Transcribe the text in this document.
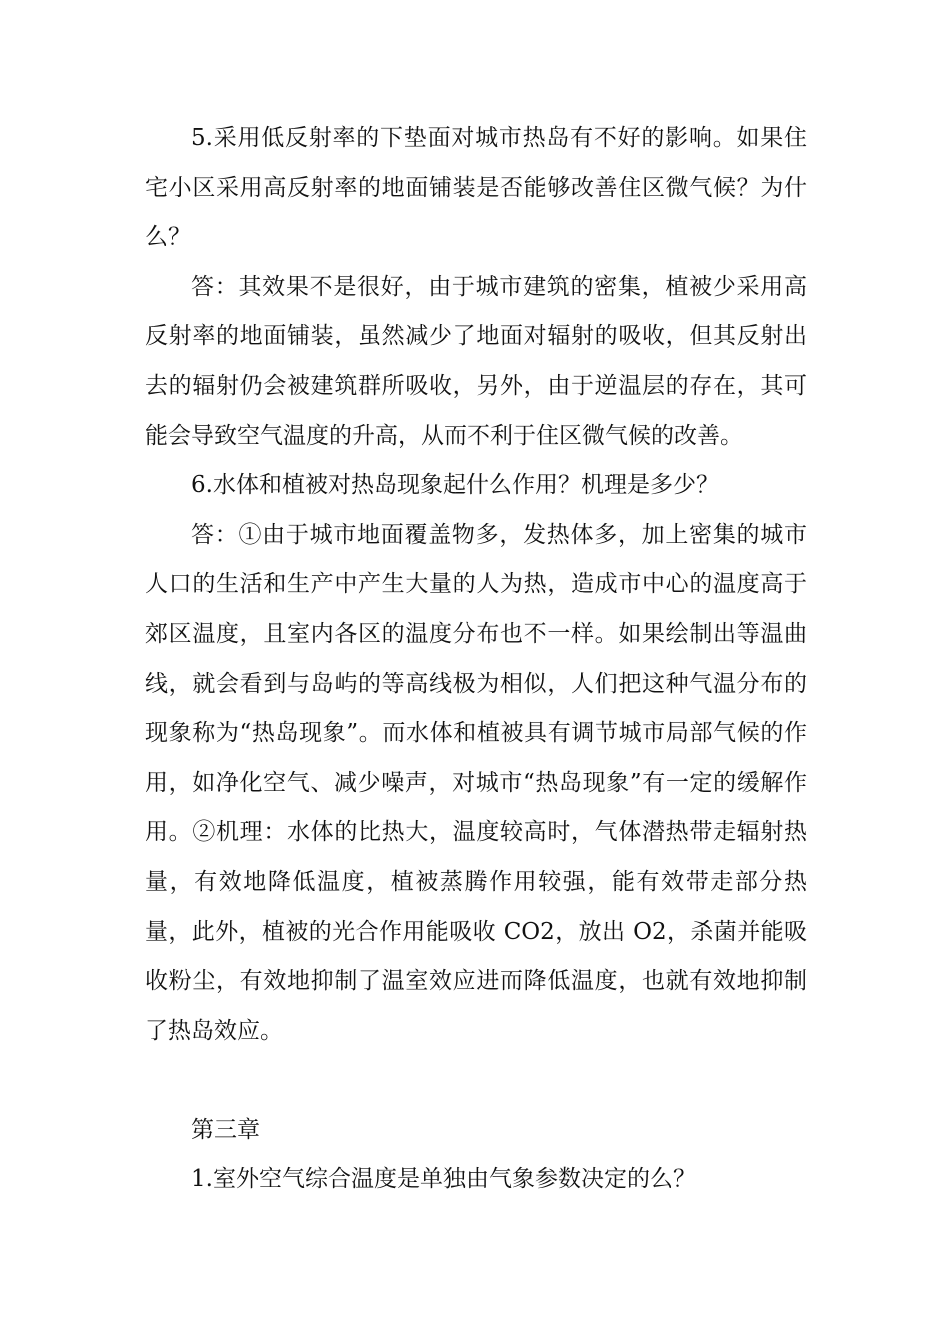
5.采用低反射率的下垫面对城市热岛有不好的影响。如果住宅小区采用高反射率的地面铺装是否能够改善住区微气候？为什么？

答：其效果不是很好，由于城市建筑的密集，植被少采用高反射率的地面铺装，虽然减少了地面对辐射的吸收，但其反射出去的辐射仍会被建筑群所吸收，另外，由于逆温层的存在，其可能会导致空气温度的升高，从而不利于住区微气候的改善。

6.水体和植被对热岛现象起什么作用？机理是多少？

答：①由于城市地面覆盖物多，发热体多，加上密集的城市人口的生活和生产中产生大量的人为热，造成市中心的温度高于郊区温度，且室内各区的温度分布也不一样。如果绘制出等温曲线，就会看到与岛屿的等高线极为相似，人们把这种气温分布的现象称为“热岛现象”。而水体和植被具有调节城市局部气候的作用，如净化空气、减少噪声，对城市“热岛现象”有一定的缓解作用。②机理：水体的比热大，温度较高时，气体潜热带走辐射热量，有效地降低温度，植被蒸腾作用较强，能有效带走部分热量，此外，植被的光合作用能吸收 CO2，放出 O2，杀菌并能吸收粉尘，有效地抑制了温室效应进而降低温度，也就有效地抑制了热岛效应。

第三章

1.室外空气综合温度是单独由气象参数决定的么？
